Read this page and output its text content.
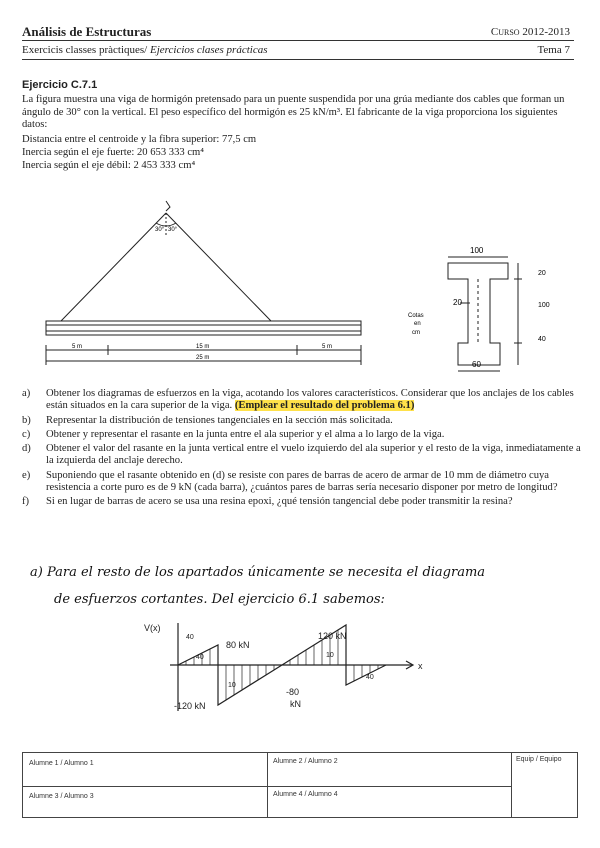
Análisis de Estructuras	Curso 2012-2013
Exercicis classes pràctiques/ Ejercicios clases prácticas	Tema 7
Ejercicio C.7.1
La figura muestra una viga de hormigón pretensado para un puente suspendida por una grúa mediante dos cables que forman un ángulo de 30° con la vertical. El peso específico del hormigón es 25 kN/m³. El fabricante de la viga proporciona los siguientes datos:
Distancia entre el centroide y la fibra superior: 77,5 cm
Inercia según el eje fuerte: 20 653 333 cm⁴
Inercia según el eje débil: 2 453 333 cm⁴
30° 30°
5 m	15 m	5 m
25 m
100
60
20
20
100
40
Cotas
en
cm
a)	Obtener los diagramas de esfuerzos en la viga, acotando los valores característicos. Considerar que los anclajes de los cables están situados en la cara superior de la viga. (Emplear el resultado del problema 6.1)
b)	Representar la distribución de tensiones tangenciales en la sección más solicitada.
c)	Obtener y representar el rasante en la junta entre el ala superior y el alma a lo largo de la viga.
d)	Obtener el valor del rasante en la junta vertical entre el vuelo izquierdo del ala superior y el resto de la viga, inmediatamente a la izquierda del anclaje derecho.
e)	Suponiendo que el rasante obtenido en (d) se resiste con pares de barras de acero de armar de 10 mm de diámetro cuya resistencia a corte puro es de 9 kN (cada barra), ¿cuántos pares de barras sería necesario disponer por metro de longitud?
f)	Si en lugar de barras de acero se usa una resina epoxi, ¿qué tensión tangencial debe poder transmitir la resina?
a) Para el resto de los apartados únicamente se necesita el diagrama
de esfuerzos cortantes. Del ejercicio 6.1 sabemos:
V(x)
x
80 kN
120 kN
-120 kN
-80
kN
40
10
10
40
40
Alumne 1 / Alumno 1	Alumne 2 / Alumno 2
Alumne 3 / Alumno 3	Alumne 4 / Alumno 4
Equip / Equipo
